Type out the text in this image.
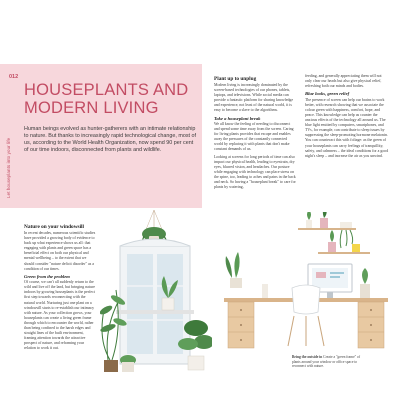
012
Let houseplants into your life
HOUSEPLANTS AND
MODERN LIVING

Human beings evolved as hunter-gatherers with an intimate relationship to nature. But thanks to increasingly rapid technological change, most of us, according to the World Health Organization, now spend 90 per cent of our time indoors, disconnected from plants and wildlife.

Nature on your windowsill

In recent decades, numerous scientific studies have provided a growing body of evidence to back up what experience shows us all: that engaging with plants and green space has a beneficial effect on both our physical and mental wellbeing – to the extent that we should consider "nature deficit disorder" as a condition of our times.

Green from the problem

Of course, we can't all suddenly return to the wild and live off the land, but bringing nature indoors by growing houseplants is the perfect first step towards reconnecting with the natural world. Nurturing just one plant on a windowsill starts to re-establish our intimacy with nature. As your collection grows, your houseplants can create a living green frame through which to encounter the world, rather than being confined to the harsh edges and straight lines of the built environment, framing attention towards the attractive prospect of nature, and reframing your relation to work it out.

Plant up to unplug

Modern living is increasingly dominated by the screen-based technologies of our phones, tablets, laptops, and televisions. While social media can provide a fantastic platform for sharing knowledge and experience, not least of the natural world, it is easy to become a slave to the algorithms.

Take a houseplant break

We all know the feeling of needing to disconnect and spend some time away from the screen. Caring for living plants provides that escape and enables away the pressures of the constantly connected world by replacing it with plants that don't make constant demands of us.

Looking at screens for long periods of time can also impact our physical health, leading to eyestrain, dry eyes, blurred vision, and headaches. Our posture while engaging with technology can place stress on the spine, too, leading to aches and pains in the back and neck. So having a "houseplant break" to care for plants by watering,

feeding, and generally appreciating them will not only clear our heads but also give physical relief, refreshing both our minds and bodies.

Blue looks, green relief

The presence of screen can help our brains to work better, with research showing that we associate the colour green with happiness, comfort, hope, and peace. This knowledge can help us counter the anxious effects of the technology all around us. The blue light emitted by computers, smartphones, and TVs, for example, can contribute to sleep issues by suppressing the sleep-promoting hormone melatonin. You can counteract this with foliage: as the green of your houseplants can carry feelings of tranquillity, safety, and calmness – the ideal conditions for a good night's sleep – and increase the air as you unwind.

Bring the outside in Create a "green frame" of plants around your window or office space to reconnect with nature.
